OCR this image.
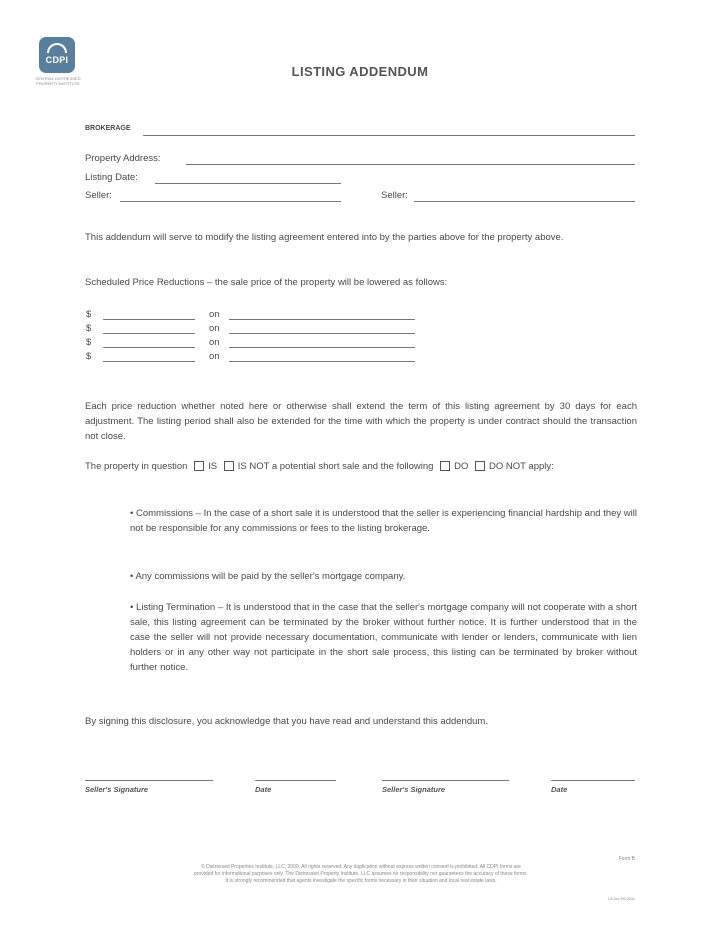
CDPI
CENTRAL DISTRESSED
PROPERTY INSTITUTE
LISTING ADDENDUM
BROKERAGE
Property Address:
Listing Date:
Seller:	Seller:
This addendum will serve to modify the listing agreement entered into by the parties above for the property above.
Scheduled Price Reductions – the sale price of the property will be lowered as follows:
$	on
$	on
$	on
$	on
Each price reduction whether noted here or otherwise shall extend the term of this listing agreement by 30 days for each adjustment. The listing period shall also be extended for the time with which the property is under contract should the transaction not close.
The property in question IS IS NOT a potential short sale and the following DO DO NOT apply:
• Commissions – In the case of a short sale it is understood that the seller is experiencing financial hardship and they will not be responsible for any commissions or fees to the listing brokerage.
• Any commissions will be paid by the seller's mortgage company.
• Listing Termination – It is understood that in the case that the seller's mortgage company will not cooperate with a short sale, this listing agreement can be terminated by the broker without further notice. It is further understood that in the case the seller will not provide necessary documentation, communicate with lender or lenders, communicate with lien holders or in any other way not participate in the short sale process, this listing can be terminated by broker without further notice.
By signing this disclosure, you acknowledge that you have read and understand this addendum.
Seller's Signature	Date	Seller's Signature	Date
Form B
© Distressed Properties Institute, LLC, 2009. All rights reserved. Any duplication without express written consent is prohibited. All CDPI forms are
provided for informational purposes only. The Distressed Property Institute, LLC assumes no responsibility nor guarantees the accuracy of these forms.
It is strongly recommended that agents investigate the specific forms necessary in their situation and local real estate laws.
LA-rev 09-2011
